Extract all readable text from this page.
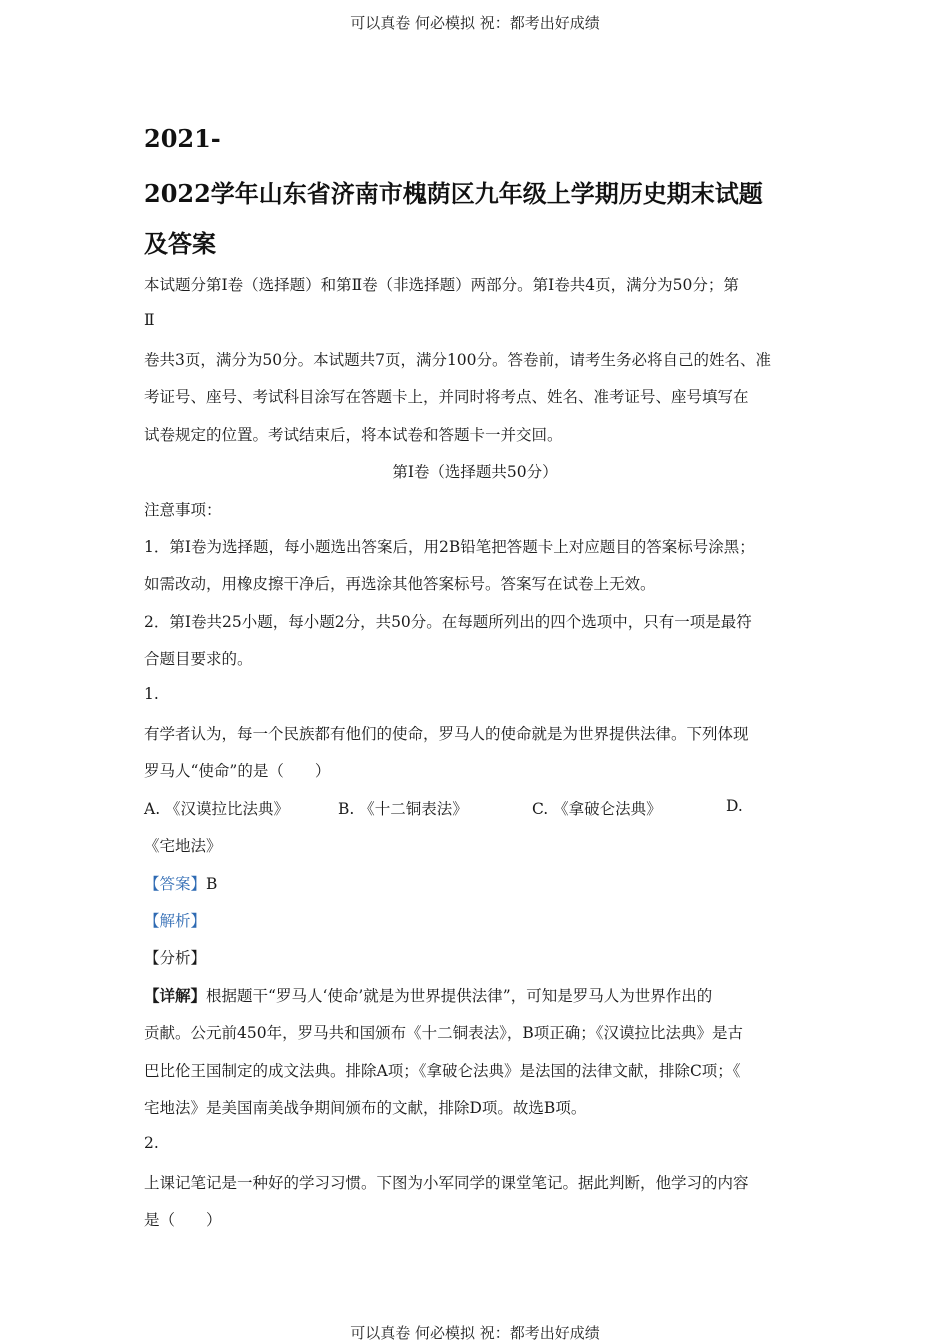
可以真卷 何必模拟 祝：都考出好成绩
2021-
2022学年山东省济南市槐荫区九年级上学期历史期末试题
及答案
本试题分第Ⅰ卷（选择题）和第Ⅱ卷（非选择题）两部分。第Ⅰ卷共4页，满分为50分；第
Ⅱ
卷共3页，满分为50分。本试题共7页，满分100分。答卷前，请考生务必将自己的姓名、准
考证号、座号、考试科目涂写在答题卡上，并同时将考点、姓名、准考证号、座号填写在
试卷规定的位置。考试结束后，将本试卷和答题卡一并交回。
第Ⅰ卷（选择题共50分）
注意事项：
1．第Ⅰ卷为选择题，每小题选出答案后，用2B铅笔把答题卡上对应题目的答案标号涂黑；
如需改动，用橡皮擦干净后，再选涂其他答案标号。答案写在试卷上无效。
2．第Ⅰ卷共25小题，每小题2分，共50分。在每题所列出的四个选项中，只有一项是最符
合题目要求的。
1.
有学者认为，每一个民族都有他们的使命，罗马人的使命就是为世界提供法律。下列体现
罗马人“使命”的是（　　）
A. 《汉谟拉比法典》	B. 《十二铜表法》	C. 《拿破仑法典》	D.
《宅地法》
【答案】B
【解析】
【分析】
【详解】根据题干“罗马人‘使命’就是为世界提供法律”，可知是罗马人为世界作出的
贡献。公元前450年，罗马共和国颁布《十二铜表法》，B项正确；《汉谟拉比法典》是古
巴比伦王国制定的成文法典。排除A项；《拿破仑法典》是法国的法律文献，排除C项；《
宅地法》是美国南美战争期间颁布的文献，排除D项。故选B项。
2.
上课记笔记是一种好的学习习惯。下图为小军同学的课堂笔记。据此判断，他学习的内容
是（　　）
可以真卷 何必模拟 祝：都考出好成绩
